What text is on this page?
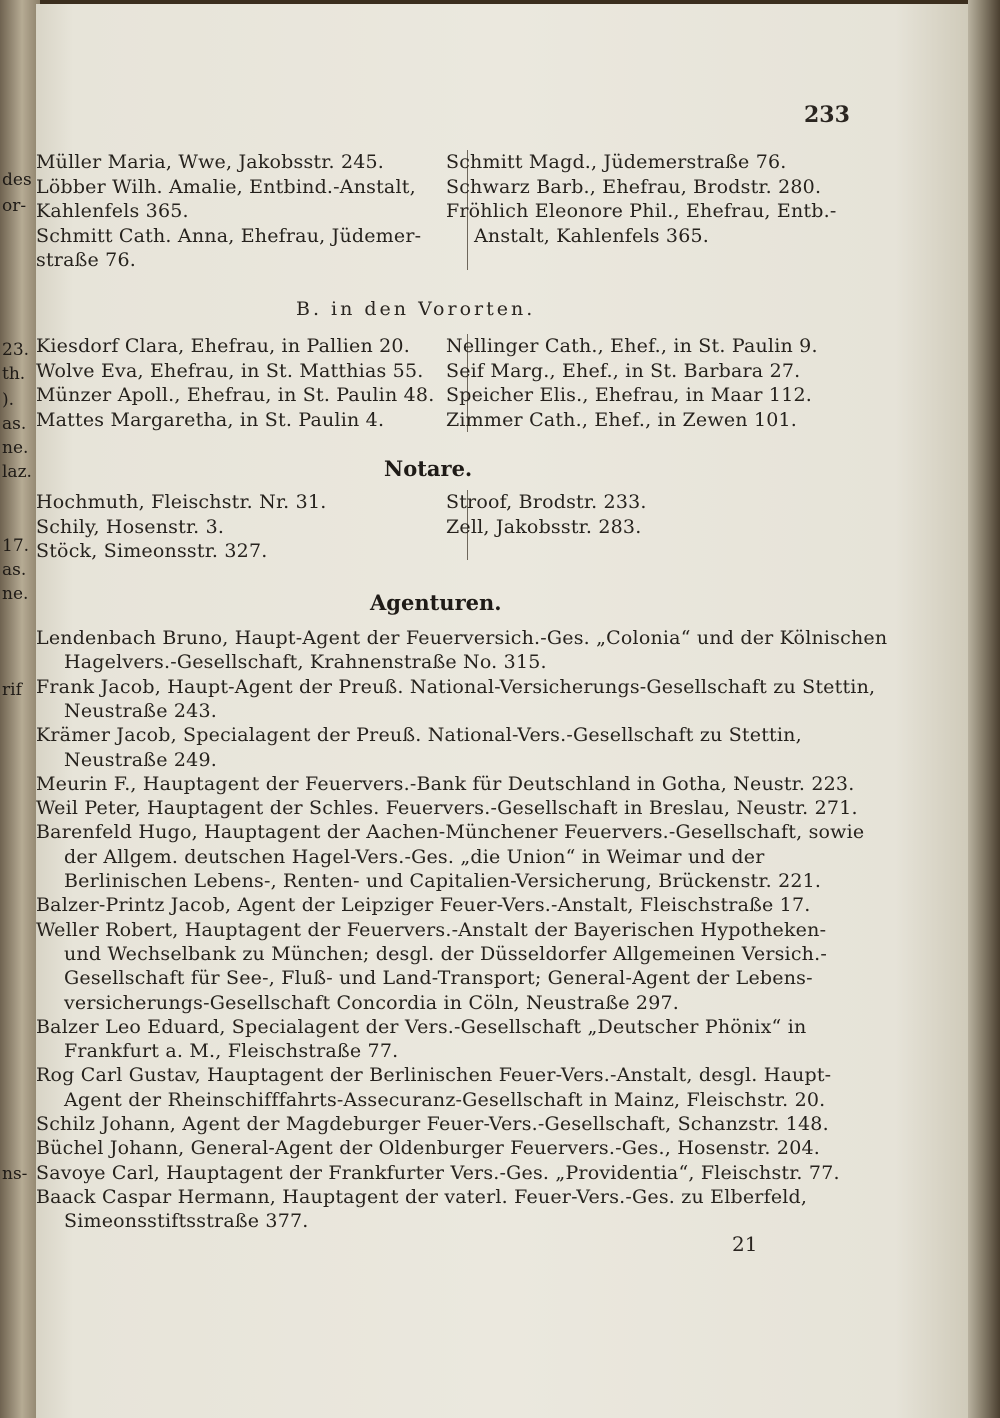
des
or-
23.
th.
).
as.
ne.
laz.
17.
as.
ne.
rif
ns-
233
B. in den Vororten.
Notare.
Agenturen.
21
Müller Maria, Wwe, Jakobsstr. 245.
Löbber Wilh. Amalie, Entbind.-Anstalt,
Kahlenfels 365.
Schmitt Cath. Anna, Ehefrau, Jüdemer-
straße 76.
Schmitt Magd., Jüdemerstraße 76.
Schwarz Barb., Ehefrau, Brodstr. 280.
Fröhlich Eleonore Phil., Ehefrau, Entb.-
Anstalt, Kahlenfels 365.
Kiesdorf Clara, Ehefrau, in Pallien 20.
Wolve Eva, Ehefrau, in St. Matthias 55.
Münzer Apoll., Ehefrau, in St. Paulin 48.
Mattes Margaretha, in St. Paulin 4.
Nellinger Cath., Ehef., in St. Paulin 9.
Seif Marg., Ehef., in St. Barbara 27.
Speicher Elis., Ehefrau, in Maar 112.
Zimmer Cath., Ehef., in Zewen 101.
Hochmuth, Fleischstr. Nr. 31.
Schily, Hosenstr. 3.
Stöck, Simeonsstr. 327.
Stroof, Brodstr. 233.
Zell, Jakobsstr. 283.
Lendenbach Bruno, Haupt-Agent der Feuerversich.-Ges. „Colonia“ und der Kölnischen
Hagelvers.-Gesellschaft, Krahnenstraße No. 315.
Frank Jacob, Haupt-Agent der Preuß. National-Versicherungs-Gesellschaft zu Stettin,
Neustraße 243.
Krämer Jacob, Specialagent der Preuß. National-Vers.-Gesellschaft zu Stettin,
Neustraße 249.
Meurin F., Hauptagent der Feuervers.-Bank für Deutschland in Gotha, Neustr. 223.
Weil Peter, Hauptagent der Schles. Feuervers.-Gesellschaft in Breslau, Neustr. 271.
Barenfeld Hugo, Hauptagent der Aachen-Münchener Feuervers.-Gesellschaft, sowie
der Allgem. deutschen Hagel-Vers.-Ges. „die Union“ in Weimar und der
Berlinischen Lebens-, Renten- und Capitalien-Versicherung, Brückenstr. 221.
Balzer-Printz Jacob, Agent der Leipziger Feuer-Vers.-Anstalt, Fleischstraße 17.
Weller Robert, Hauptagent der Feuervers.-Anstalt der Bayerischen Hypotheken-
und Wechselbank zu München; desgl. der Düsseldorfer Allgemeinen Versich.-
Gesellschaft für See-, Fluß- und Land-Transport; General-Agent der Lebens-
versicherungs-Gesellschaft Concordia in Cöln, Neustraße 297.
Balzer Leo Eduard, Specialagent der Vers.-Gesellschaft „Deutscher Phönix“ in
Frankfurt a. M., Fleischstraße 77.
Rog Carl Gustav, Hauptagent der Berlinischen Feuer-Vers.-Anstalt, desgl. Haupt-
Agent der Rheinschifffahrts-Assecuranz-Gesellschaft in Mainz, Fleischstr. 20.
Schilz Johann, Agent der Magdeburger Feuer-Vers.-Gesellschaft, Schanzstr. 148.
Büchel Johann, General-Agent der Oldenburger Feuervers.-Ges., Hosenstr. 204.
Savoye Carl, Hauptagent der Frankfurter Vers.-Ges. „Providentia“, Fleischstr. 77.
Baack Caspar Hermann, Hauptagent der vaterl. Feuer-Vers.-Ges. zu Elberfeld,
Simeonsstiftsstraße 377.
